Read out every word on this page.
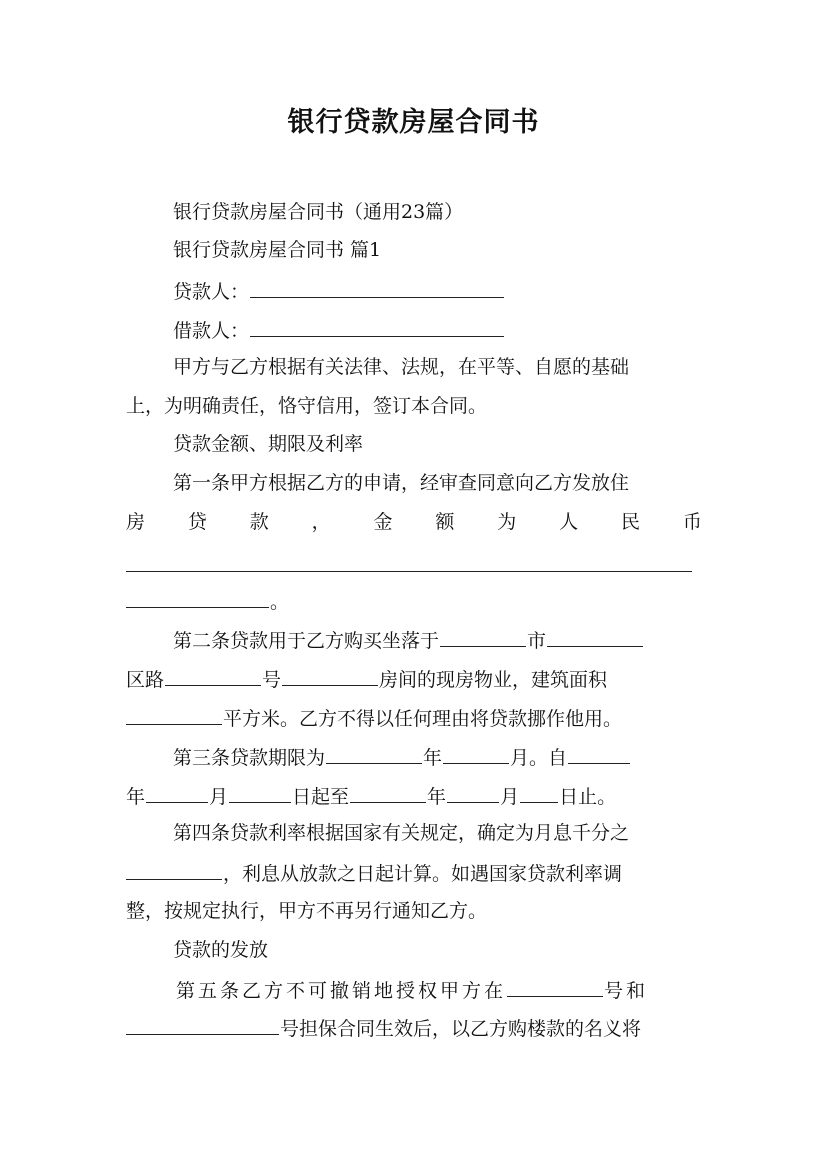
银行贷款房屋合同书
银行贷款房屋合同书（通用23篇）
银行贷款房屋合同书 篇1
贷款人：
借款人：
甲方与乙方根据有关法律、法规，在平等、自愿的基础
上，为明确责任，恪守信用，签订本合同。
贷款金额、期限及利率
第一条甲方根据乙方的申请，经审查同意向乙方发放住
房 贷 款 ， 金 额 为 人 民 币
。
第二条贷款用于乙方购买坐落于	市
区路	号	房间的现房物业，建筑面积
平方米。乙方不得以任何理由将贷款挪作他用。
第三条贷款期限为	年	月。自
年	月	日起至	年	月 日止。
第四条贷款利率根据国家有关规定，确定为月息千分之
，利息从放款之日起计算。如遇国家贷款利率调
整，按规定执行，甲方不再另行通知乙方。
贷款的发放
第五条乙方不可撤销地授权甲方在	号和
号担保合同生效后，以乙方购楼款的名义将
